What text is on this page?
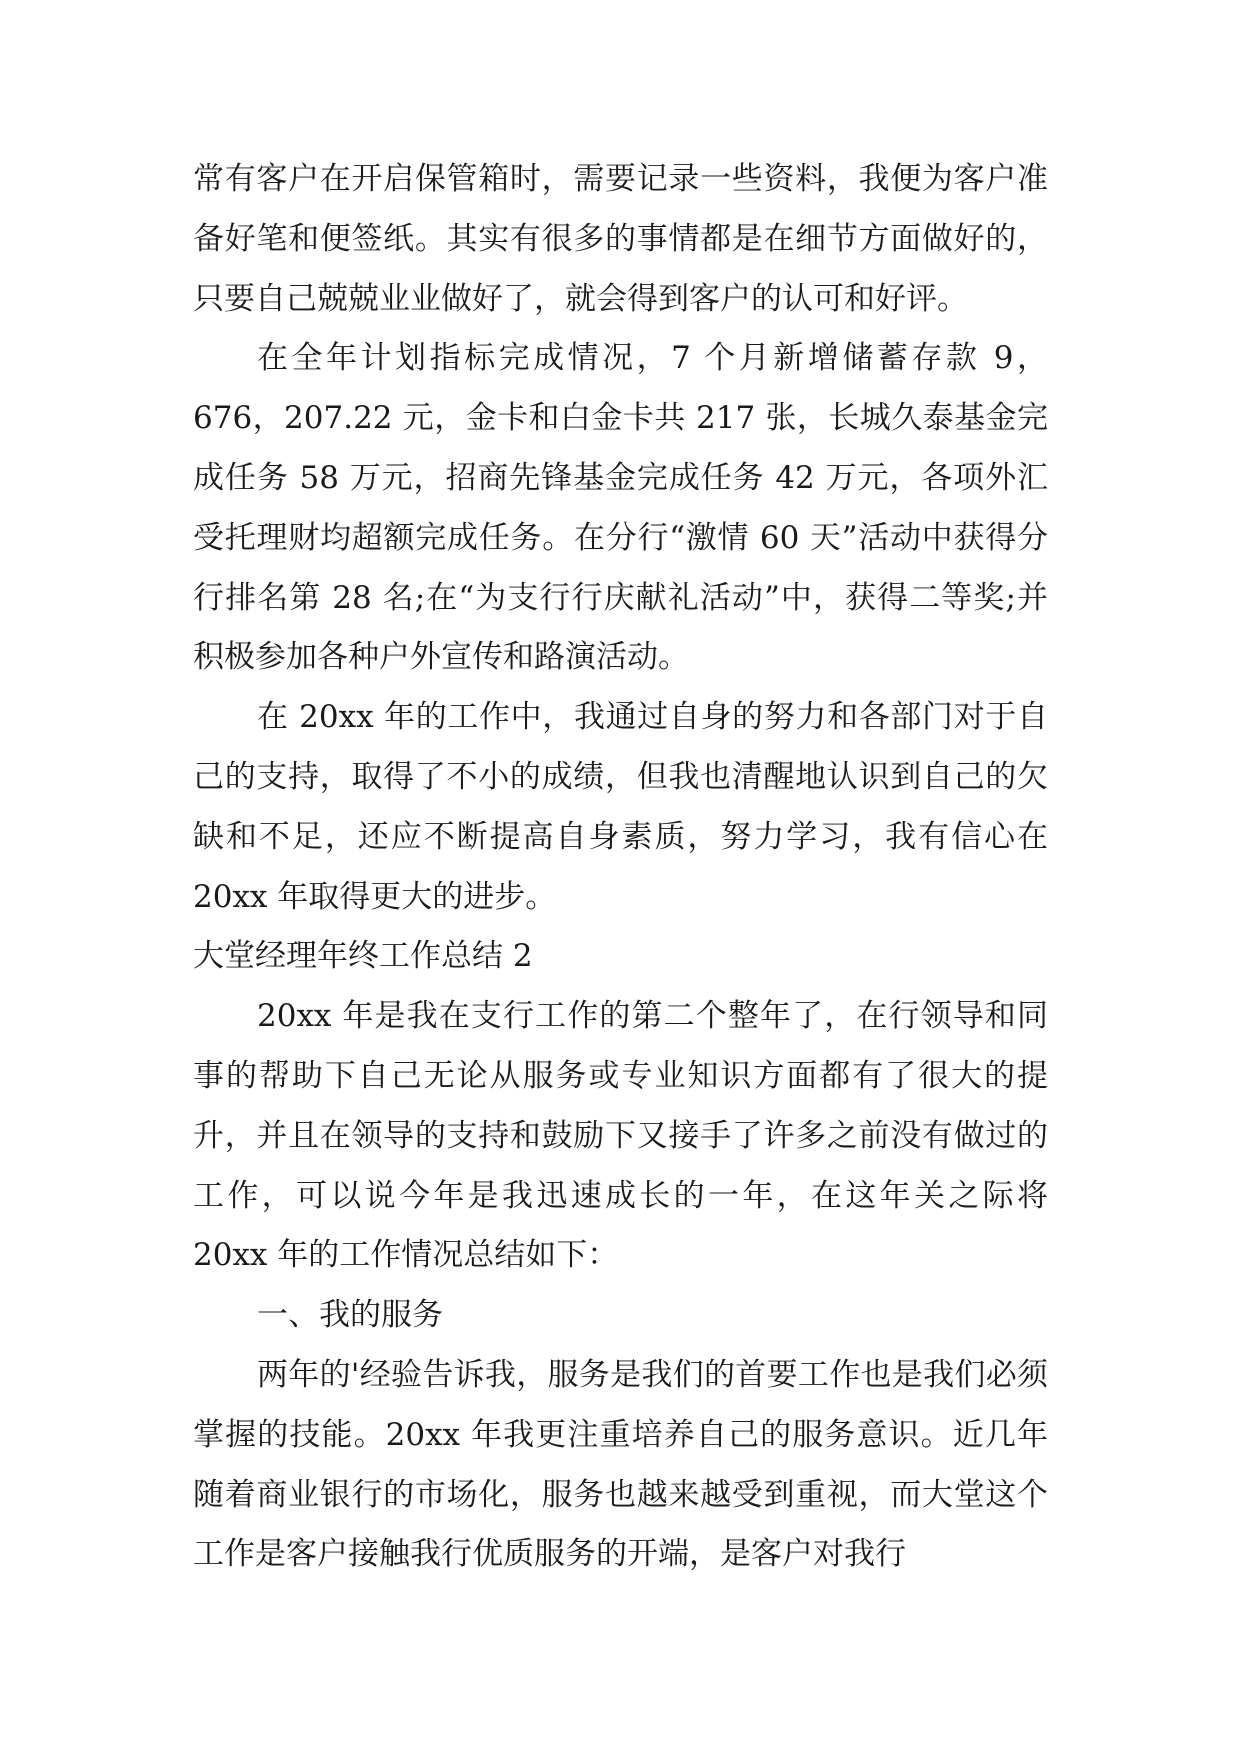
常有客户在开启保管箱时，需要记录一些资料，我便为客户准备好笔和便签纸。其实有很多的事情都是在细节方面做好的，只要自己兢兢业业做好了，就会得到客户的认可和好评。

在全年计划指标完成情况，7 个月新增储蓄存款 9，676，207.22 元，金卡和白金卡共 217 张，长城久泰基金完成任务 58 万元，招商先锋基金完成任务 42 万元，各项外汇受托理财均超额完成任务。在分行“激情 60 天”活动中获得分行排名第 28 名;在“为支行行庆献礼活动”中，获得二等奖;并积极参加各种户外宣传和路演活动。

在 20xx 年的工作中，我通过自身的努力和各部门对于自己的支持，取得了不小的成绩，但我也清醒地认识到自己的欠缺和不足，还应不断提高自身素质，努力学习，我有信心在 20xx 年取得更大的进步。

大堂经理年终工作总结 2

20xx 年是我在支行工作的第二个整年了，在行领导和同事的帮助下自己无论从服务或专业知识方面都有了很大的提升，并且在领导的支持和鼓励下又接手了许多之前没有做过的工作，可以说今年是我迅速成长的一年，在这年关之际将 20xx 年的工作情况总结如下：

一、我的服务

两年的'经验告诉我，服务是我们的首要工作也是我们必须掌握的技能。20xx 年我更注重培养自己的服务意识。近几年随着商业银行的市场化，服务也越来越受到重视，而大堂这个工作是客户接触我行优质服务的开端，是客户对我行
